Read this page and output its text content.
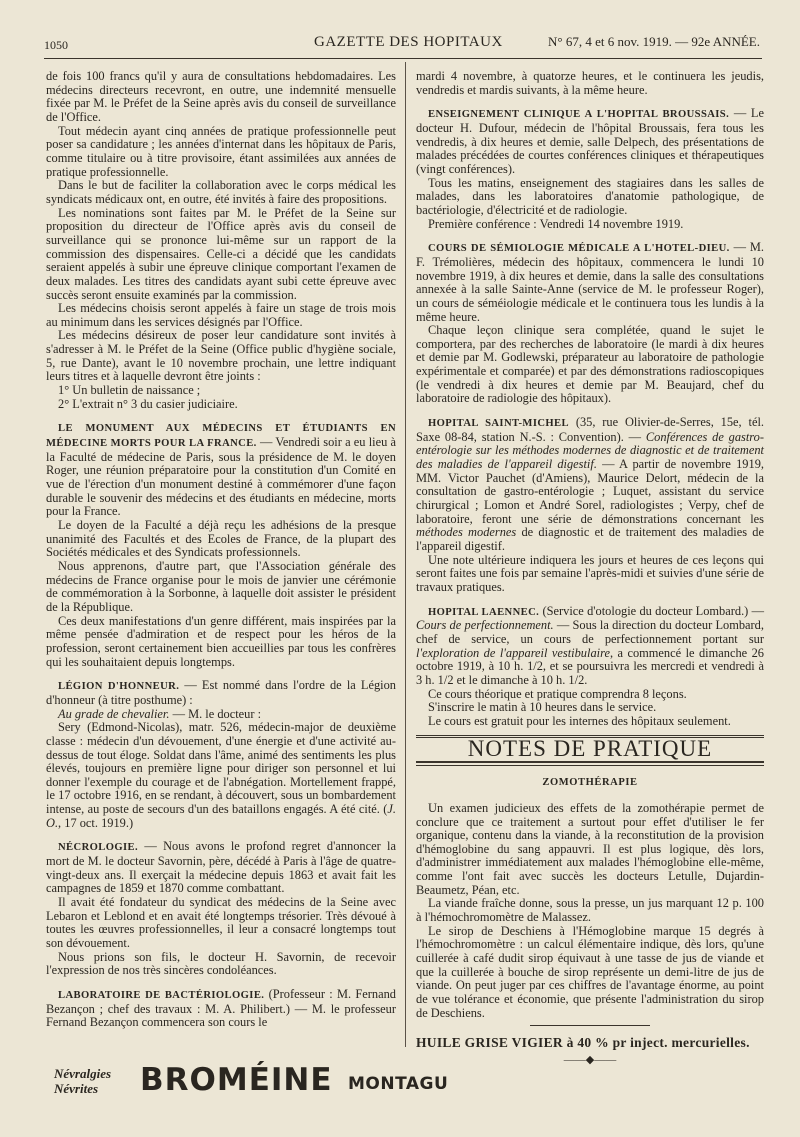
1050	GAZETTE DES HOPITAUX	N° 67, 4 et 6 nov. 1919. — 92e ANNÉE.

de fois 100 francs qu'il y aura de consultations hebdomadaires. Les médecins directeurs recevront, en outre, une indemnité mensuelle fixée par M. le Préfet de la Seine après avis du conseil de surveillance de l'Office.

Tout médecin ayant cinq années de pratique professionnelle peut poser sa candidature ; les années d'internat dans les hôpitaux de Paris, comme titulaire ou à titre provisoire, étant assimilées aux années de pratique professionnelle.

Dans le but de faciliter la collaboration avec le corps médical les syndicats médicaux ont, en outre, été invités à faire des propositions.

Les nominations sont faites par M. le Préfet de la Seine sur proposition du directeur de l'Office après avis du conseil de surveillance qui se prononce lui-même sur un rapport de la commission des dispensaires. Celle-ci a décidé que les candidats seraient appelés à subir une épreuve clinique comportant l'examen de deux malades. Les titres des candidats ayant subi cette épreuve avec succès seront ensuite examinés par la commission.

Les médecins choisis seront appelés à faire un stage de trois mois au minimum dans les services désignés par l'Office.

Les médecins désireux de poser leur candidature sont invités à s'adresser à M. le Préfet de la Seine (Office public d'hygiène sociale, 5, rue Dante), avant le 10 novembre prochain, une lettre indiquant leurs titres et à laquelle devront être joints :

1° Un bulletin de naissance ;

2° L'extrait n° 3 du casier judiciaire.

LE MONUMENT AUX MÉDECINS ET ÉTUDIANTS EN MÉDECINE MORTS POUR LA FRANCE. — Vendredi soir a eu lieu à la Faculté de médecine de Paris, sous la présidence de M. le doyen Roger, une réunion préparatoire pour la constitution d'un Comité en vue de l'érection d'un monument destiné à commémorer d'une façon durable le souvenir des médecins et des étudiants en médecine, morts pour la France.

Le doyen de la Faculté a déjà reçu les adhésions de la presque unanimité des Facultés et des Ecoles de France, de la plupart des Sociétés médicales et des Syndicats professionnels.

Nous apprenons, d'autre part, que l'Association générale des médecins de France organise pour le mois de janvier une cérémonie de commémoration à la Sorbonne, à laquelle doit assister le président de la République.

Ces deux manifestations d'un genre différent, mais inspirées par la même pensée d'admiration et de respect pour les héros de la profession, seront certainement bien accueillies par tous les confrères qui les souhaitaient depuis longtemps.

LÉGION D'HONNEUR. — Est nommé dans l'ordre de la Légion d'honneur (à titre posthume) :

Au grade de chevalier. — M. le docteur :

Sery (Edmond-Nicolas), matr. 526, médecin-major de deuxième classe : médecin d'un dévouement, d'une énergie et d'une activité au-dessus de tout éloge. Soldat dans l'âme, animé des sentiments les plus élevés, toujours en première ligne pour diriger son personnel et lui donner l'exemple du courage et de l'abnégation. Mortellement frappé, le 17 octobre 1916, en se rendant, à découvert, sous un bombardement intense, au poste de secours d'un des bataillons engagés. A été cité. (J. O., 17 oct. 1919.)

NÉCROLOGIE. — Nous avons le profond regret d'annoncer la mort de M. le docteur Savornin, père, décédé à Paris à l'âge de quatre-vingt-deux ans. Il exerçait la médecine depuis 1863 et avait fait les campagnes de 1859 et 1870 comme combattant.

Il avait été fondateur du syndicat des médecins de la Seine avec Lebaron et Leblond et en avait été longtemps trésorier. Très dévoué à toutes les œuvres professionnelles, il leur a consacré longtemps tout son dévouement.

Nous prions son fils, le docteur H. Savornin, de recevoir l'expression de nos très sincères condoléances.

LABORATOIRE DE BACTÉRIOLOGIE. (Professeur : M. Fernand Bezançon ; chef des travaux : M. A. Philibert.) — M. le professeur Fernand Bezançon commencera son cours le

mardi 4 novembre, à quatorze heures, et le continuera les jeudis, vendredis et mardis suivants, à la même heure.

ENSEIGNEMENT CLINIQUE A L'HOPITAL BROUSSAIS. — Le docteur H. Dufour, médecin de l'hôpital Broussais, fera tous les vendredis, à dix heures et demie, salle Delpech, des présentations de malades précédées de courtes conférences cliniques et thérapeutiques (vingt conférences).

Tous les matins, enseignement des stagiaires dans les salles de malades, dans les laboratoires d'anatomie pathologique, de bactériologie, d'électricité et de radiologie.

Première conférence : Vendredi 14 novembre 1919.

COURS DE SÉMIOLOGIE MÉDICALE A L'HOTEL-DIEU. — M. F. Trémolières, médecin des hôpitaux, commencera le lundi 10 novembre 1919, à dix heures et demie, dans la salle des consultations annexée à la salle Sainte-Anne (service de M. le professeur Roger), un cours de séméiologie médicale et le continuera tous les lundis à la même heure.

Chaque leçon clinique sera complétée, quand le sujet le comportera, par des recherches de laboratoire (le mardi à dix heures et demie par M. Godlewski, préparateur au laboratoire de pathologie expérimentale et comparée) et par des démonstrations radioscopiques (le vendredi à dix heures et demie par M. Beaujard, chef du laboratoire de radiologie des hôpitaux).

HOPITAL SAINT-MICHEL (35, rue Olivier-de-Serres, 15e, tél. Saxe 08-84, station N.-S. : Convention). — Conférences de gastro-entérologie sur les méthodes modernes de diagnostic et de traitement des maladies de l'appareil digestif. — A partir de novembre 1919, MM. Victor Pauchet (d'Amiens), Maurice Delort, médecin de la consultation de gastro-entérologie ; Luquet, assistant du service chirurgical ; Lomon et André Sorel, radiologistes ; Verpy, chef de laboratoire, feront une série de démonstrations concernant les méthodes modernes de diagnostic et de traitement des maladies de l'appareil digestif.

Une note ultérieure indiquera les jours et heures de ces leçons qui seront faites une fois par semaine l'après-midi et suivies d'une série de travaux pratiques.

HOPITAL LAENNEC. (Service d'otologie du docteur Lombard.) — Cours de perfectionnement. — Sous la direction du docteur Lombard, chef de service, un cours de perfectionnement portant sur l'exploration de l'appareil vestibulaire, a commencé le dimanche 26 octobre 1919, à 10 h. 1/2, et se poursuivra les mercredi et vendredi à 3 h. 1/2 et le dimanche à 10 h. 1/2.

Ce cours théorique et pratique comprendra 8 leçons.

S'inscrire le matin à 10 heures dans le service.

Le cours est gratuit pour les internes des hôpitaux seulement.

NOTES DE PRATIQUE
ZOMOTHÉRAPIE

Un examen judicieux des effets de la zomothérapie permet de conclure que ce traitement a surtout pour effet d'utiliser le fer organique, contenu dans la viande, à la reconstitution de la provision d'hémoglobine du sang appauvri. Il est plus logique, dès lors, d'administrer immédiatement aux malades l'hémoglobine elle-même, comme l'ont fait avec succès les docteurs Letulle, Dujardin-Beaumetz, Péan, etc.

La viande fraîche donne, sous la presse, un jus marquant 12 p. 100 à l'hémochromomètre de Malassez.

Le sirop de Deschiens à l'Hémoglobine marque 15 degrés à l'hémochromomètre : un calcul élémentaire indique, dès lors, qu'une cuillerée à café dudit sirop équivaut à une tasse de jus de viande et que la cuillerée à bouche de sirop représente un demi-litre de jus de viande. On peut juger par ces chiffres de l'avantage énorme, au point de vue tolérance et économie, que présente l'administration du sirop de Deschiens.

HUILE GRISE VIGIER à 40 % pr inject. mercurielles.
——◆——
Névralgies
Névrites	BROMÉINE MONTAGU
